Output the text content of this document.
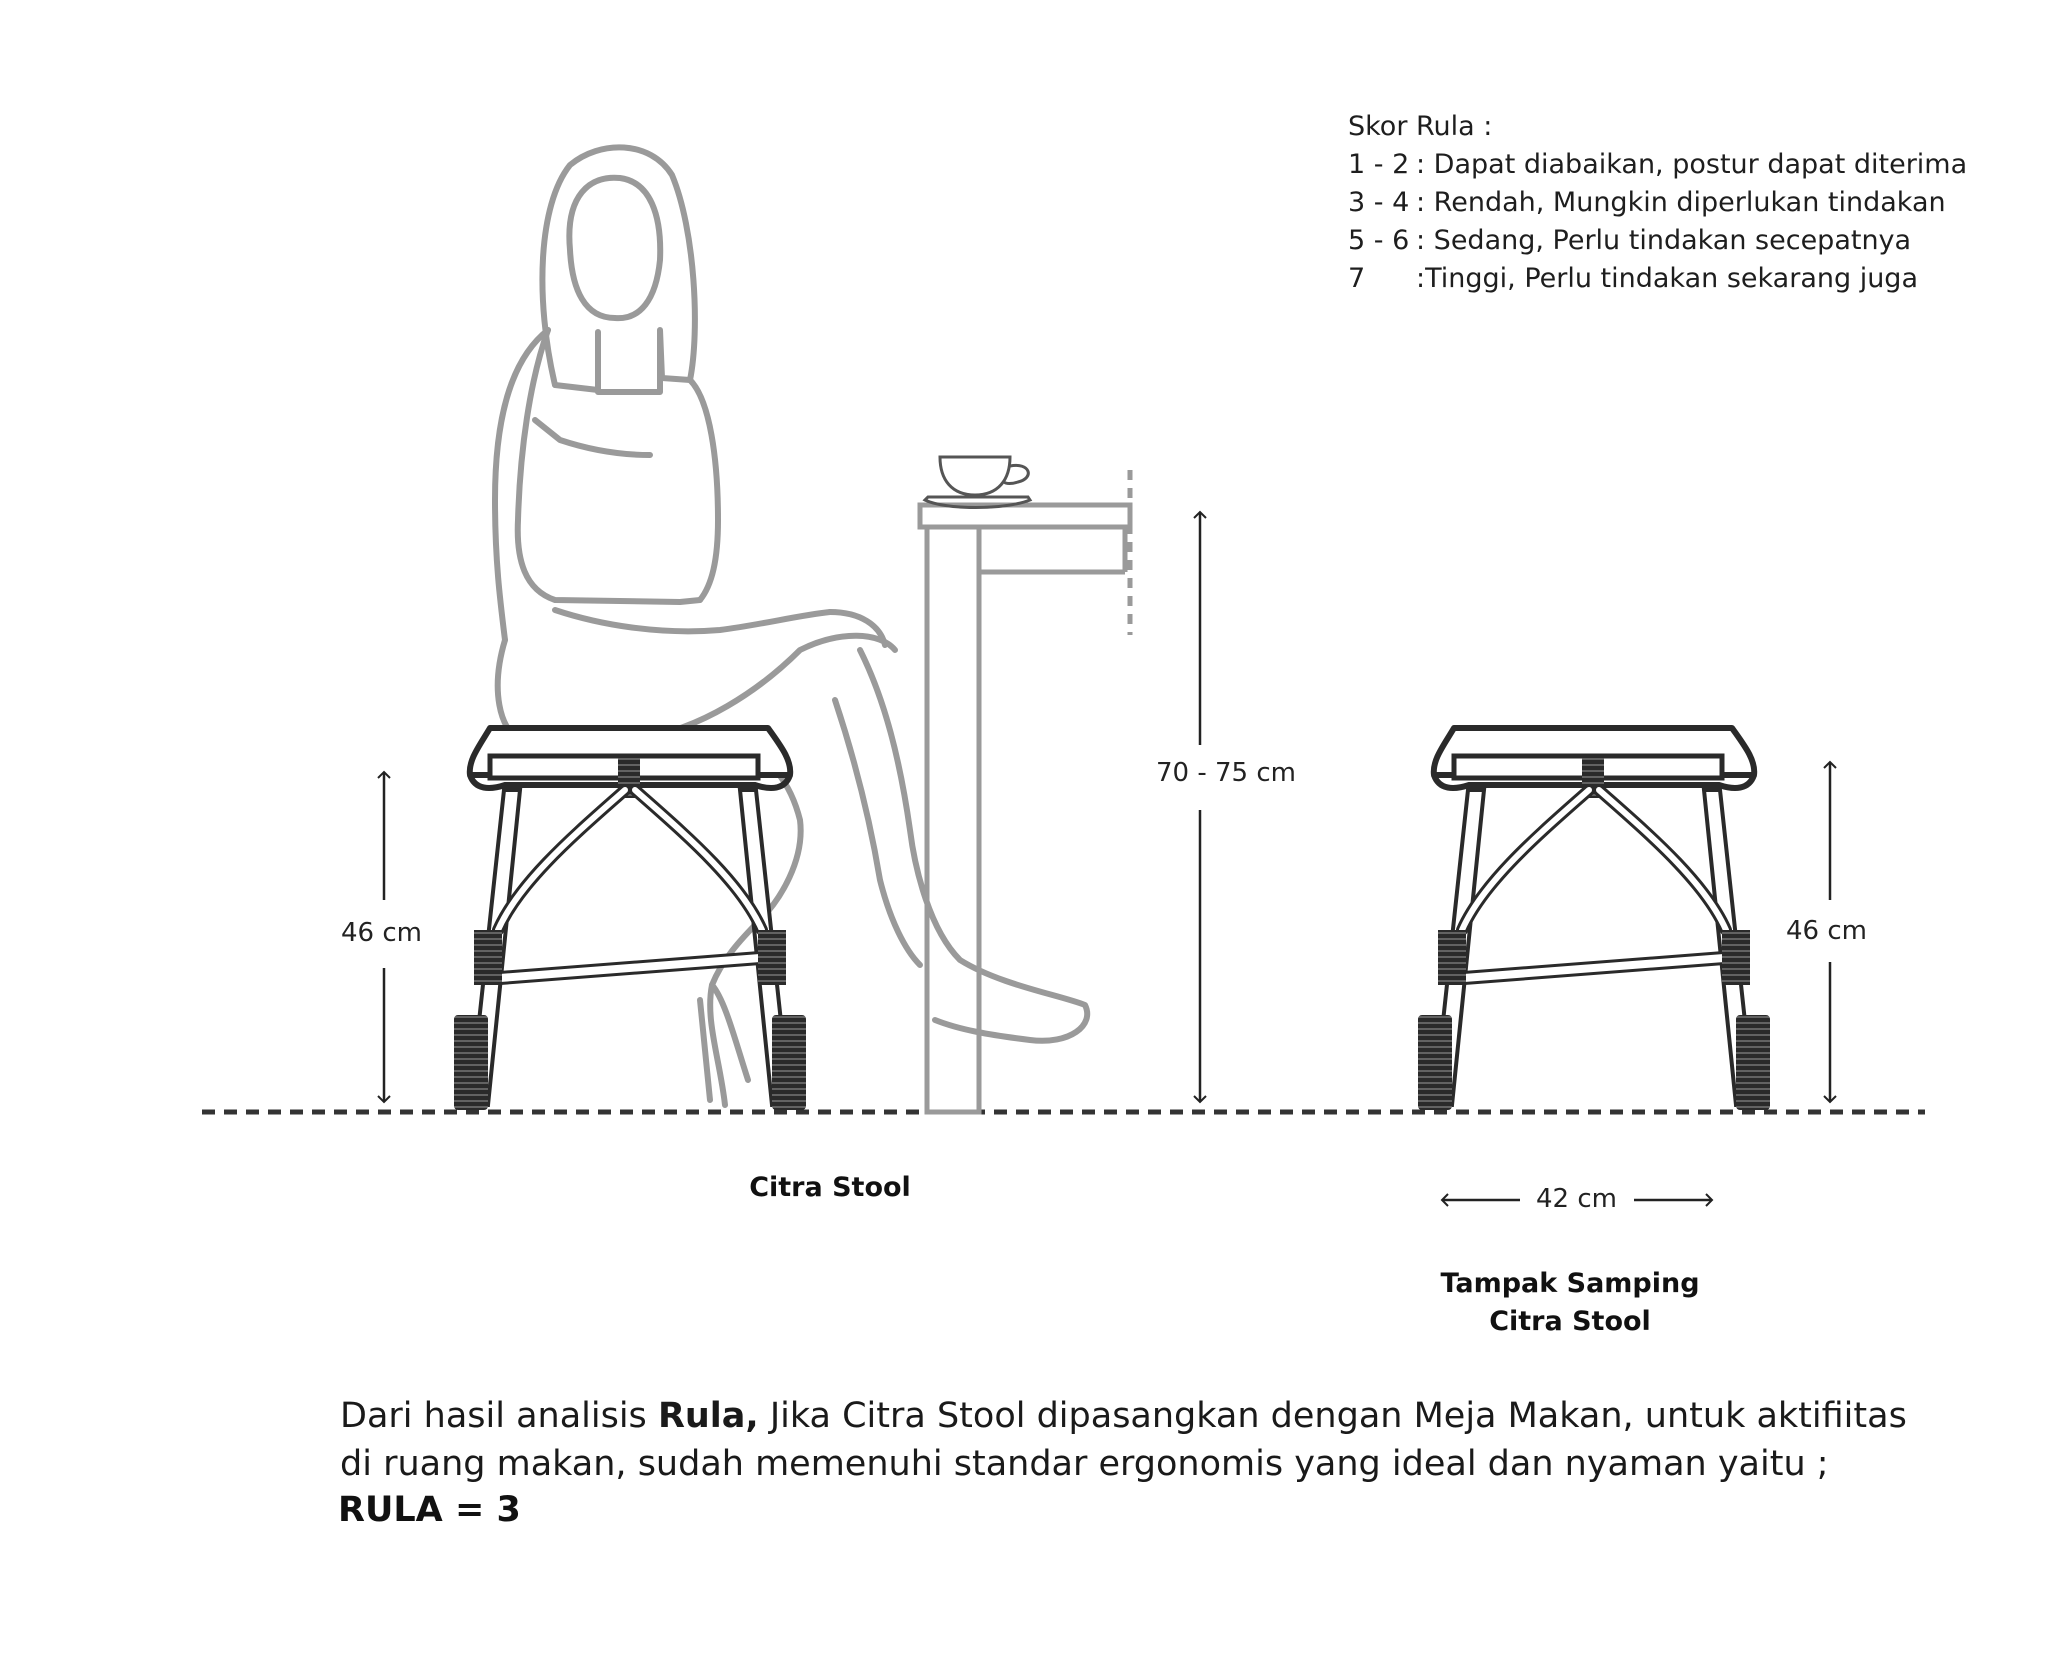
Skor Rula :
1 - 2 : Dapat diabaikan, postur dapat diterima
3 - 4 : Rendah, Mungkin diperlukan tindakan
5 - 6 : Sedang, Perlu tindakan secepatnya
7 :Tinggi, Perlu tindakan sekarang juga
46 cm
70 - 75 cm
46 cm
42 cm
Citra Stool
Tampak Samping
Citra Stool
Dari hasil analisis Rula, Jika Citra Stool dipasangkan dengan Meja Makan, untuk aktifiitas
di ruang makan, sudah memenuhi standar ergonomis yang ideal dan nyaman yaitu ;
RULA = 3
